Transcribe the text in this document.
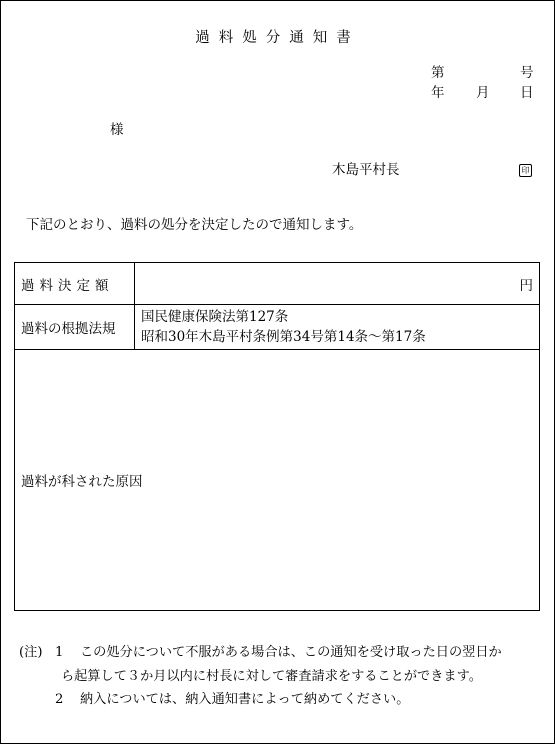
過料処分通知書
第	号
年 月 日
様
木島平村長	印
下記のとおり、過料の処分を決定したので通知します。
過料決定額	円
過料の根拠法規	国民健康保険法第127条
昭和30年木島平村条例第34号第14条～第17条

過料が科された原因	
(注) 1 この処分について不服がある場合は、この通知を受け取った日の翌日か
ら起算して３か月以内に村長に対して審査請求をすることができます。
2 納入については、納入通知書によって納めてください。
